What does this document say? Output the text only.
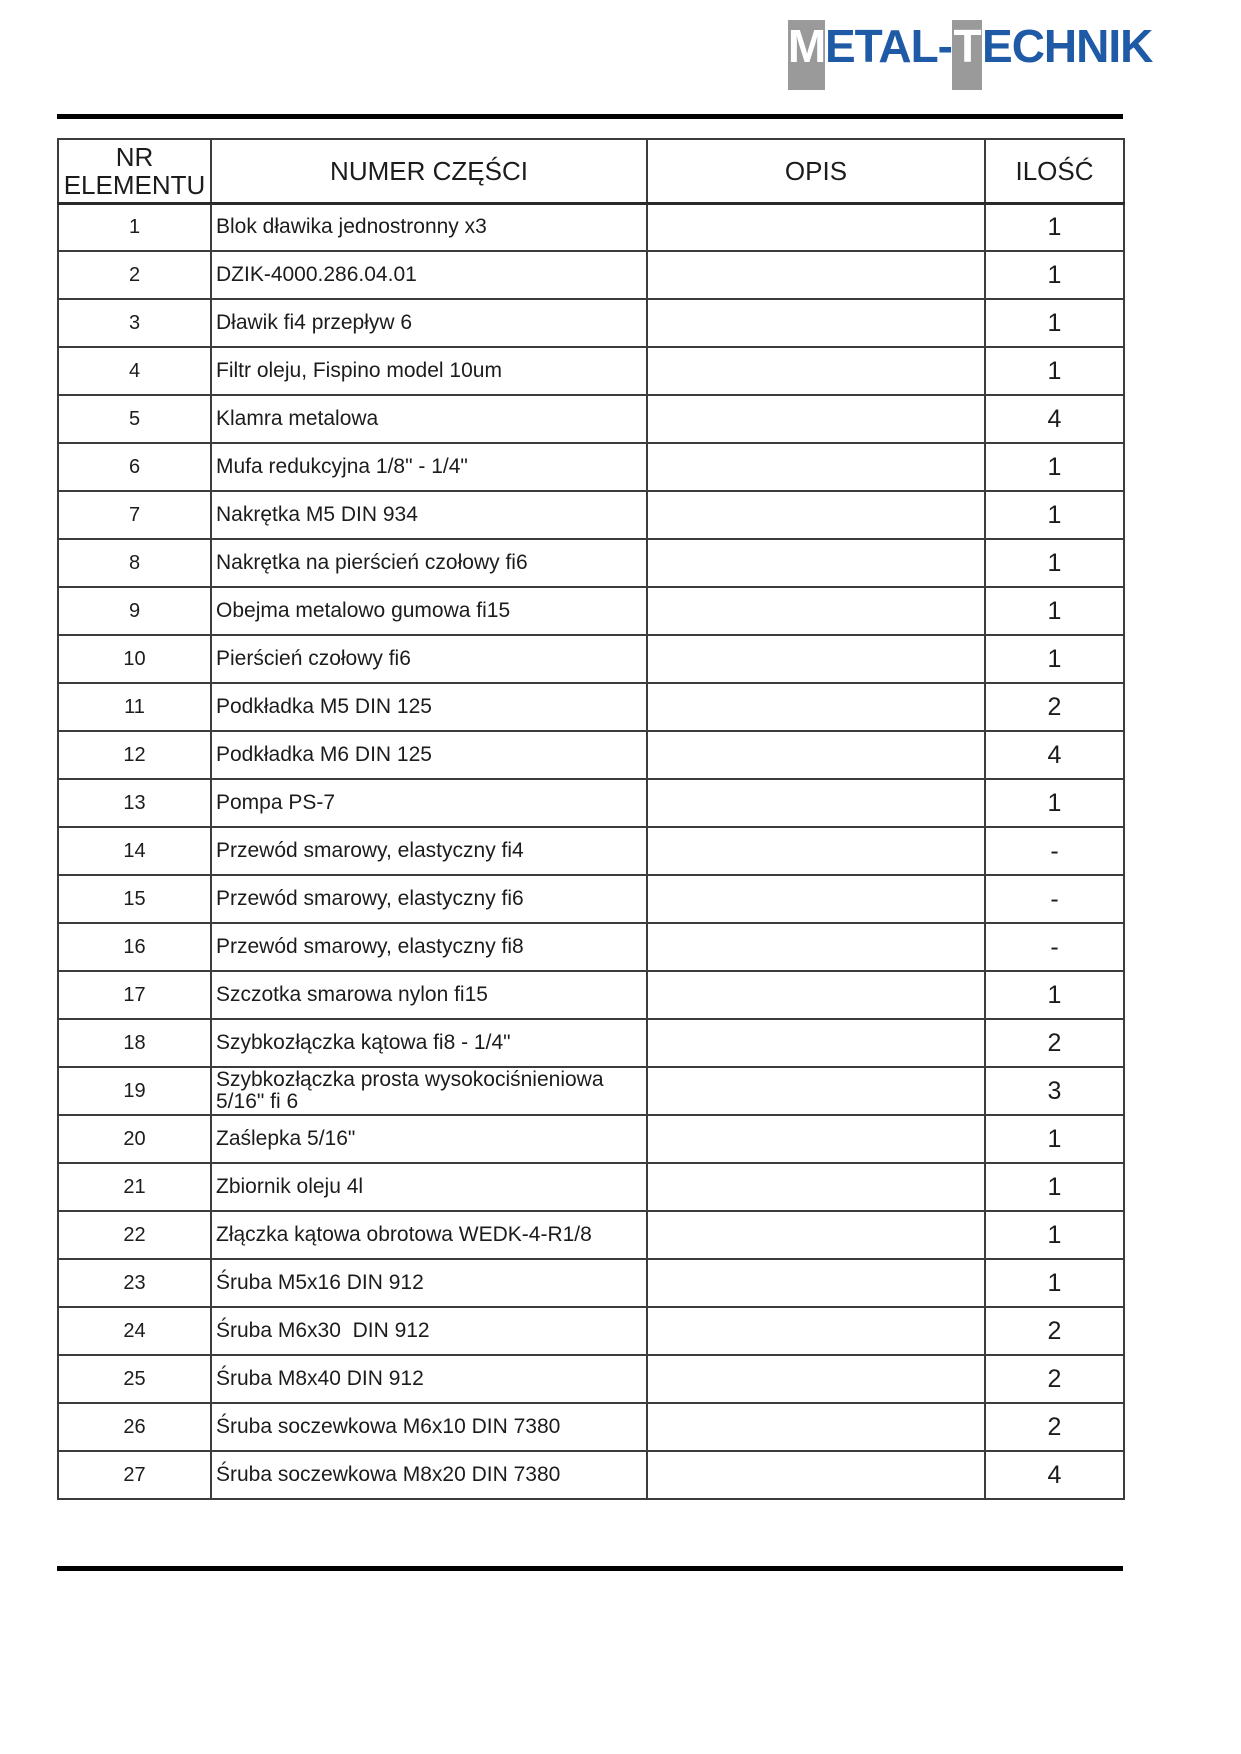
M ETAL- T ECHNIK
NR ELEMENTU	NUMER CZĘŚCI	OPIS	ILOŚĆ
1	Blok dławika jednostronny x3		1
2	DZIK-4000.286.04.01		1
3	Dławik fi4 przepływ 6		1
4	Filtr oleju, Fispino model 10um		1
5	Klamra metalowa		4
6	Mufa redukcyjna 1/8" - 1/4"		1
7	Nakrętka M5 DIN 934		1
8	Nakrętka na pierścień czołowy fi6		1
9	Obejma metalowo gumowa fi15		1
10	Pierścień czołowy fi6		1
11	Podkładka M5 DIN 125		2
12	Podkładka M6 DIN 125		4
13	Pompa PS-7		1
14	Przewód smarowy, elastyczny fi4		-
15	Przewód smarowy, elastyczny fi6		-
16	Przewód smarowy, elastyczny fi8		-
17	Szczotka smarowa nylon fi15		1
18	Szybkozłączka kątowa fi8 - 1/4"		2
19	Szybkozłączka prosta wysokociśnieniowa 5/16" fi 6		3
20	Zaślepka 5/16"		1
21	Zbiornik oleju 4l		1
22	Złączka kątowa obrotowa WEDK-4-R1/8		1
23	Śruba M5x16 DIN 912		1
24	Śruba M6x30  DIN 912		2
25	Śruba M8x40 DIN 912		2
26	Śruba soczewkowa M6x10 DIN 7380		2
27	Śruba soczewkowa M8x20 DIN 7380		4
